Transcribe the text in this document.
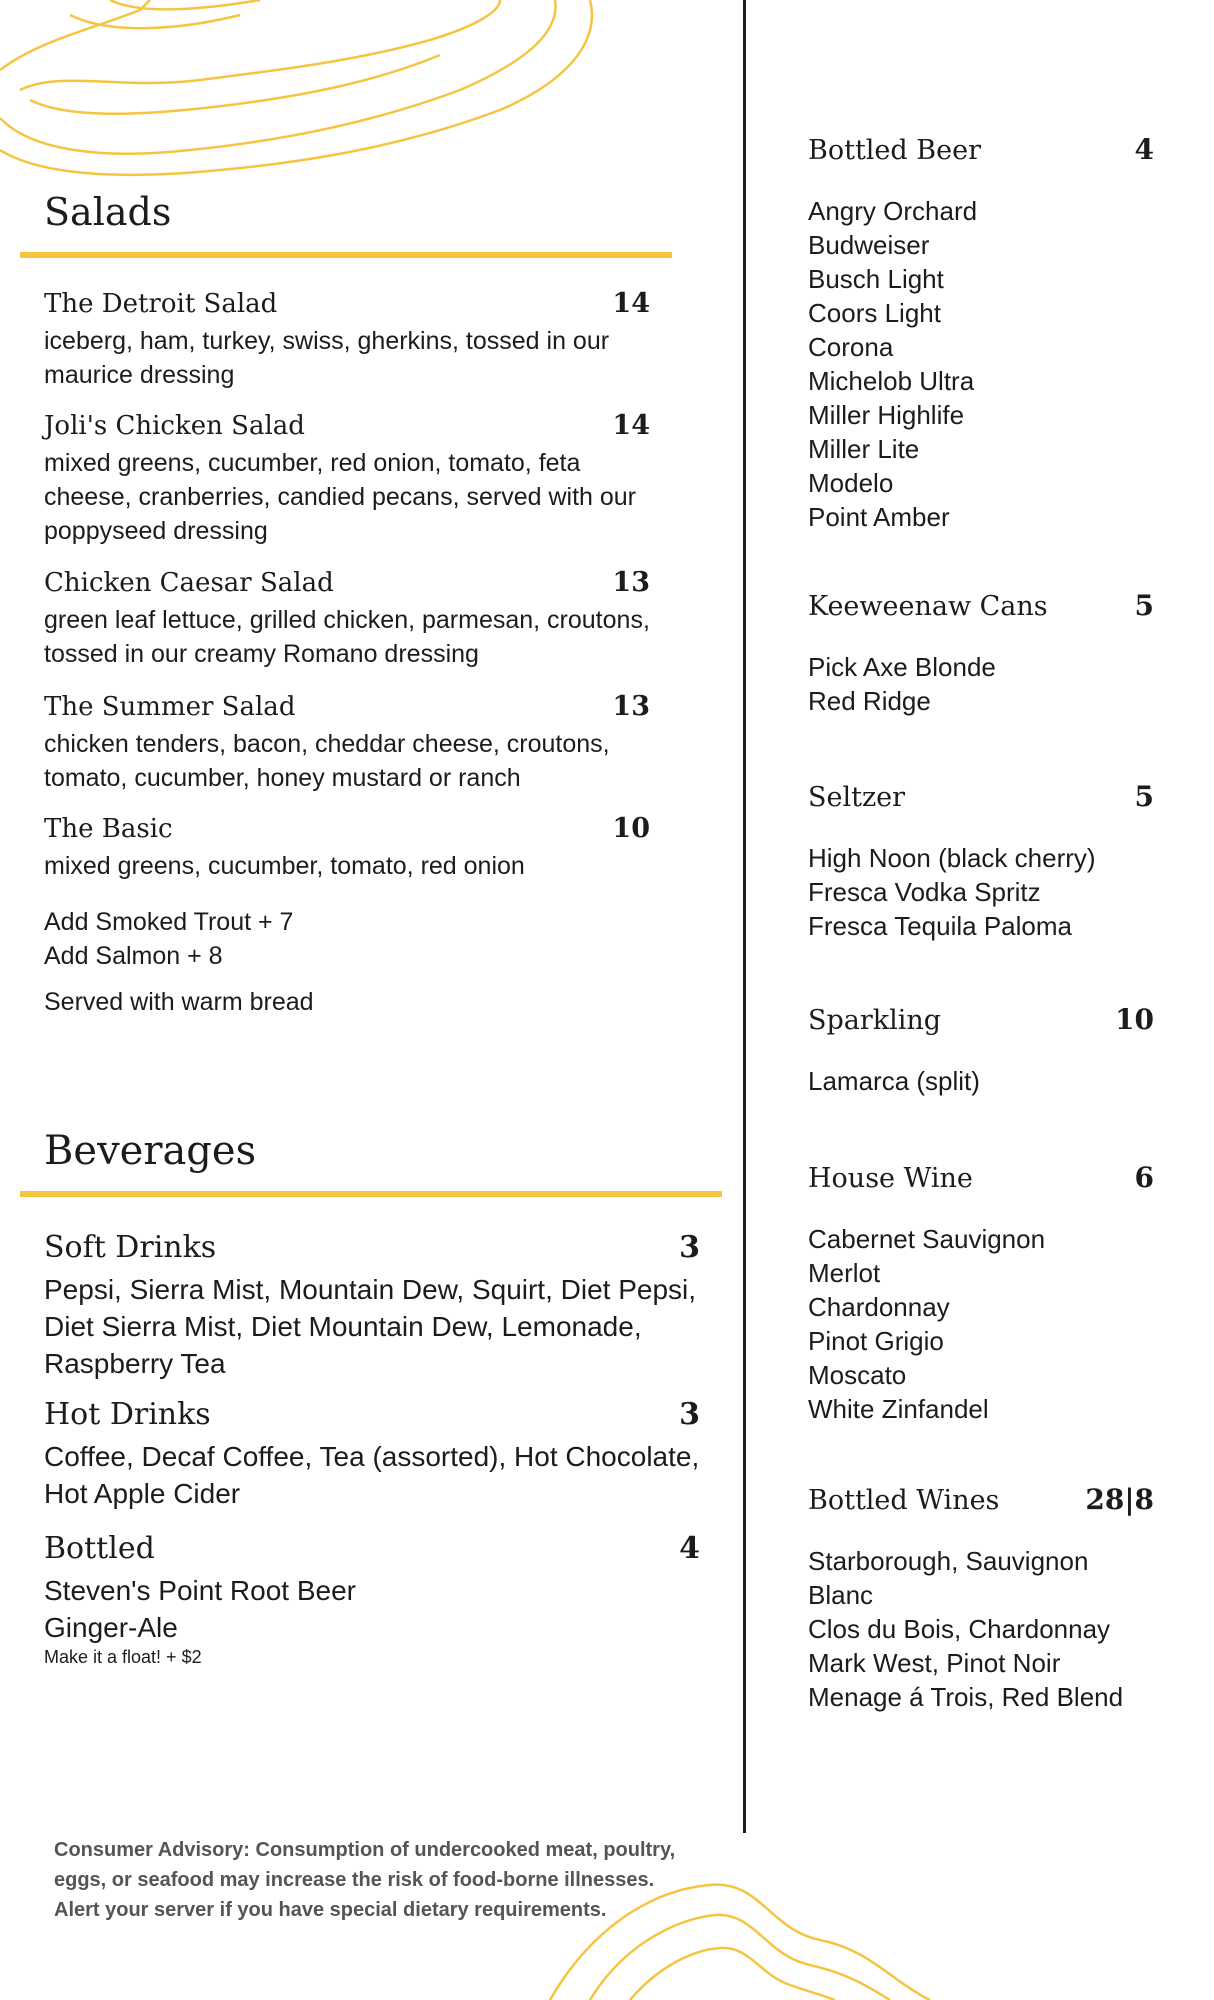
Salads
The Detroit Salad	14
iceberg, ham, turkey, swiss, gherkins, tossed in our maurice dressing
Joli's Chicken Salad	14
mixed greens, cucumber, red onion, tomato, feta cheese, cranberries, candied pecans, served with our poppyseed dressing
Chicken Caesar Salad	13
green leaf lettuce, grilled chicken, parmesan, croutons, tossed in our creamy Romano dressing
The Summer Salad	13
chicken tenders, bacon, cheddar cheese, croutons, tomato, cucumber, honey mustard or ranch
The Basic	10
mixed greens, cucumber, tomato, red onion
Add Smoked Trout + 7
Add Salmon + 8
Served with warm bread
Beverages
Soft Drinks	3
Pepsi, Sierra Mist, Mountain Dew, Squirt, Diet Pepsi, Diet Sierra Mist, Diet Mountain Dew, Lemonade, Raspberry Tea
Hot Drinks	3
Coffee, Decaf Coffee, Tea (assorted), Hot Chocolate, Hot Apple Cider
Bottled	4
Steven's Point Root Beer
Ginger-Ale
Make it a float! + $2
Bottled Beer	4
Angry Orchard
Budweiser
Busch Light
Coors Light
Corona
Michelob Ultra
Miller Highlife
Miller Lite
Modelo
Point Amber
Keeweenaw Cans	5
Pick Axe Blonde
Red Ridge
Seltzer	5
High Noon (black cherry)
Fresca Vodka Spritz
Fresca Tequila Paloma
Sparkling	10
Lamarca (split)
House Wine	6
Cabernet Sauvignon
Merlot
Chardonnay
Pinot Grigio
Moscato
White Zinfandel
Bottled Wines	28|8
Starborough, Sauvignon Blanc
Clos du Bois, Chardonnay
Mark West, Pinot Noir
Menage á Trois, Red Blend
Consumer Advisory: Consumption of undercooked meat, poultry, eggs, or seafood may increase the risk of food-borne illnesses. Alert your server if you have special dietary requirements.
